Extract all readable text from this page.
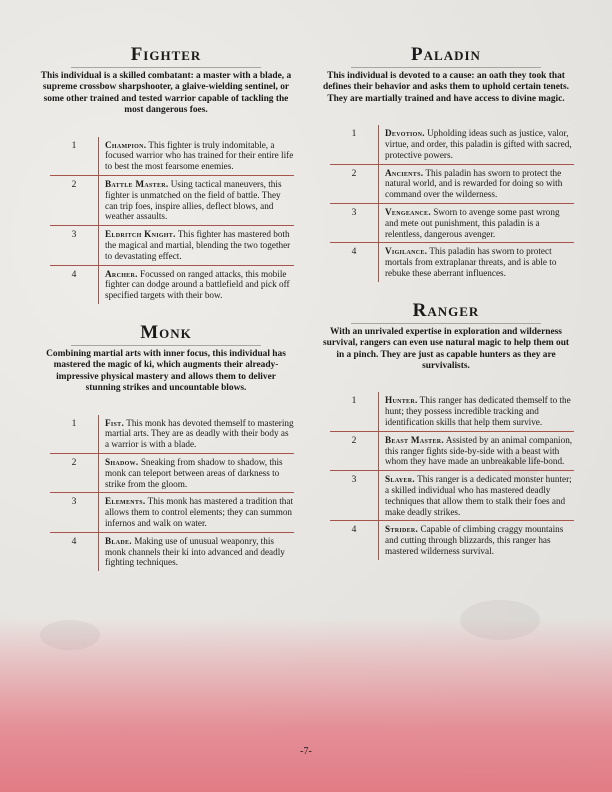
Fighter

This individual is a skilled combatant: a master with a blade, a supreme crossbow sharpshooter, a glaive-wielding sentinel, or some other trained and tested warrior capable of tackling the most dangerous foes.

1	Champion. This fighter is truly indomitable, a focused warrior who has trained for their entire life to best the most fearsome enemies.
2	Battle Master. Using tactical maneuvers, this fighter is unmatched on the field of battle. They can trip foes, inspire allies, deflect blows, and weather assaults.
3	Eldritch Knight. This fighter has mastered both the magical and martial, blending the two together to devastating effect.
4	Archer. Focussed on ranged attacks, this mobile fighter can dodge around a battlefield and pick off specified targets with their bow.
Monk

Combining martial arts with inner focus, this individual has mastered the magic of ki, which augments their already-impressive physical mastery and allows them to deliver stunning strikes and uncountable blows.

1	Fist. This monk has devoted themself to mastering martial arts. They are as deadly with their body as a warrior is with a blade.
2	Shadow. Sneaking from shadow to shadow, this monk can teleport between areas of darkness to strike from the gloom.
3	Elements. This monk has mastered a tradition that allows them to control elements; they can summon infernos and walk on water.
4	Blade. Making use of unusual weaponry, this monk channels their ki into advanced and deadly fighting techniques.
Paladin

This individual is devoted to a cause: an oath they took that defines their behavior and asks them to uphold certain tenets. They are martially trained and have access to divine magic.

1	Devotion. Upholding ideas such as justice, valor, virtue, and order, this paladin is gifted with sacred, protective powers.
2	Ancients. This paladin has sworn to protect the natural world, and is rewarded for doing so with command over the wilderness.
3	Vengeance. Sworn to avenge some past wrong and mete out punishment, this paladin is a relentless, dangerous avenger.
4	Vigilance. This paladin has sworn to protect mortals from extraplanar threats, and is able to rebuke these aberrant influences.
Ranger

With an unrivaled expertise in exploration and wilderness survival, rangers can even use natural magic to help them out in a pinch. They are just as capable hunters as they are survivalists.

1	Hunter. This ranger has dedicated themself to the hunt; they possess incredible tracking and identification skills that help them survive.
2	Beast Master. Assisted by an animal companion, this ranger fights side-by-side with a beast with whom they have made an unbreakable life-bond.
3	Slayer. This ranger is a dedicated monster hunter; a skilled individual who has mastered deadly techniques that allow them to stalk their foes and make deadly strikes.
4	Strider. Capable of climbing craggy mountains and cutting through blizzards, this ranger has mastered wilderness survival.
-7-
